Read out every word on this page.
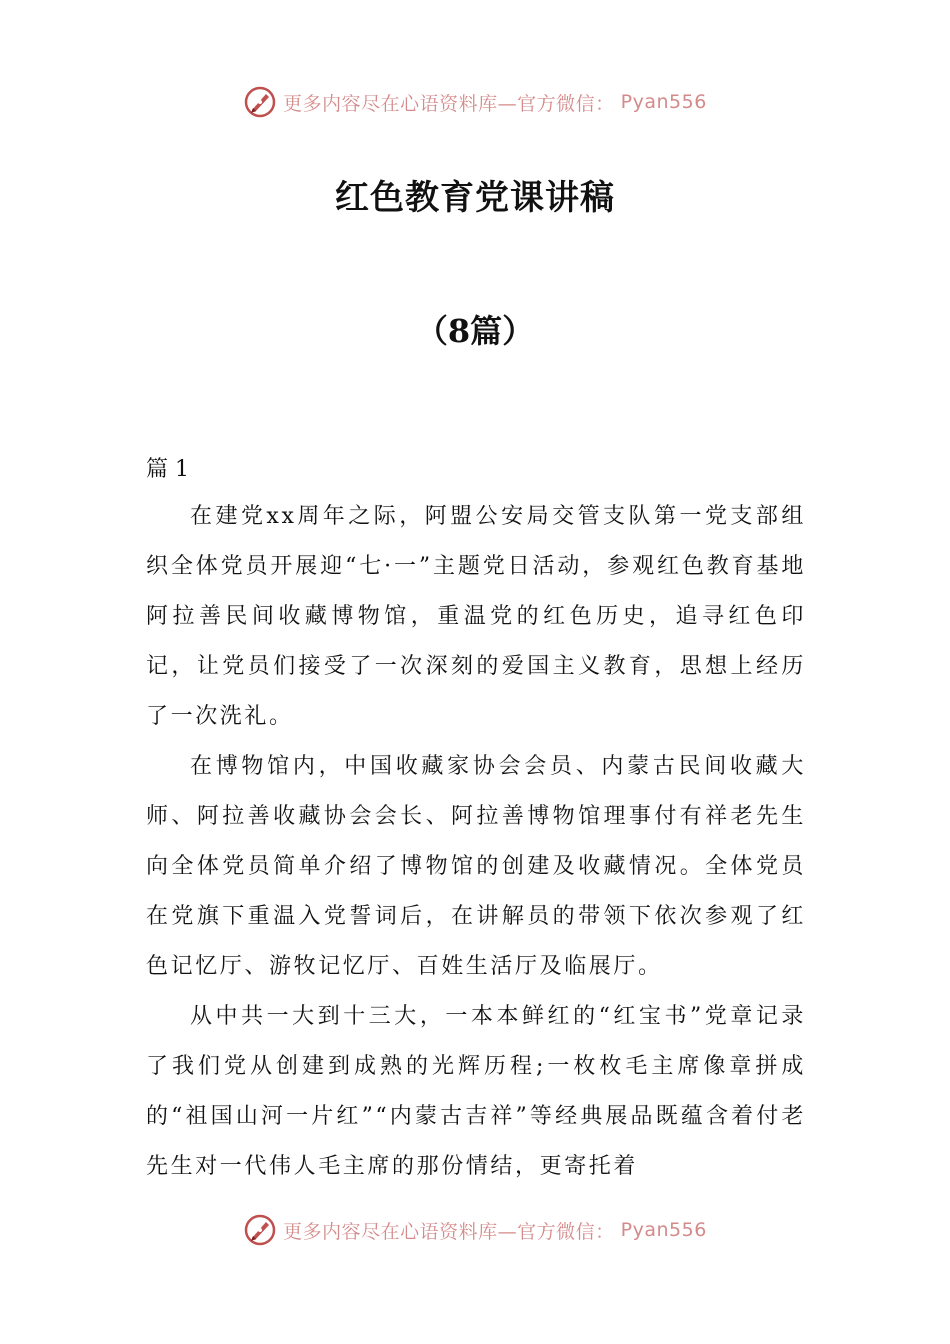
更多内容尽在心语资料库—官方微信： Pyan556
红色教育党课讲稿
（8篇）
篇 1

在建党xx周年之际，阿盟公安局交管支队第一党支部组织全体党员开展迎“七·一”主题党日活动，参观红色教育基地阿拉善民间收藏博物馆，重温党的红色历史，追寻红色印记，让党员们接受了一次深刻的爱国主义教育，思想上经历了一次洗礼。

在博物馆内，中国收藏家协会会员、内蒙古民间收藏大师、阿拉善收藏协会会长、阿拉善博物馆理事付有祥老先生向全体党员简单介绍了博物馆的创建及收藏情况。全体党员在党旗下重温入党誓词后，在讲解员的带领下依次参观了红色记忆厅、游牧记忆厅、百姓生活厅及临展厅。

从中共一大到十三大，一本本鲜红的“红宝书”党章记录了我们党从创建到成熟的光辉历程;一枚枚毛主席像章拼成的“祖国山河一片红”“内蒙古吉祥”等经典展品既蕴含着付老先生对一代伟人毛主席的那份情结，更寄托着

更多内容尽在心语资料库—官方微信： Pyan556
